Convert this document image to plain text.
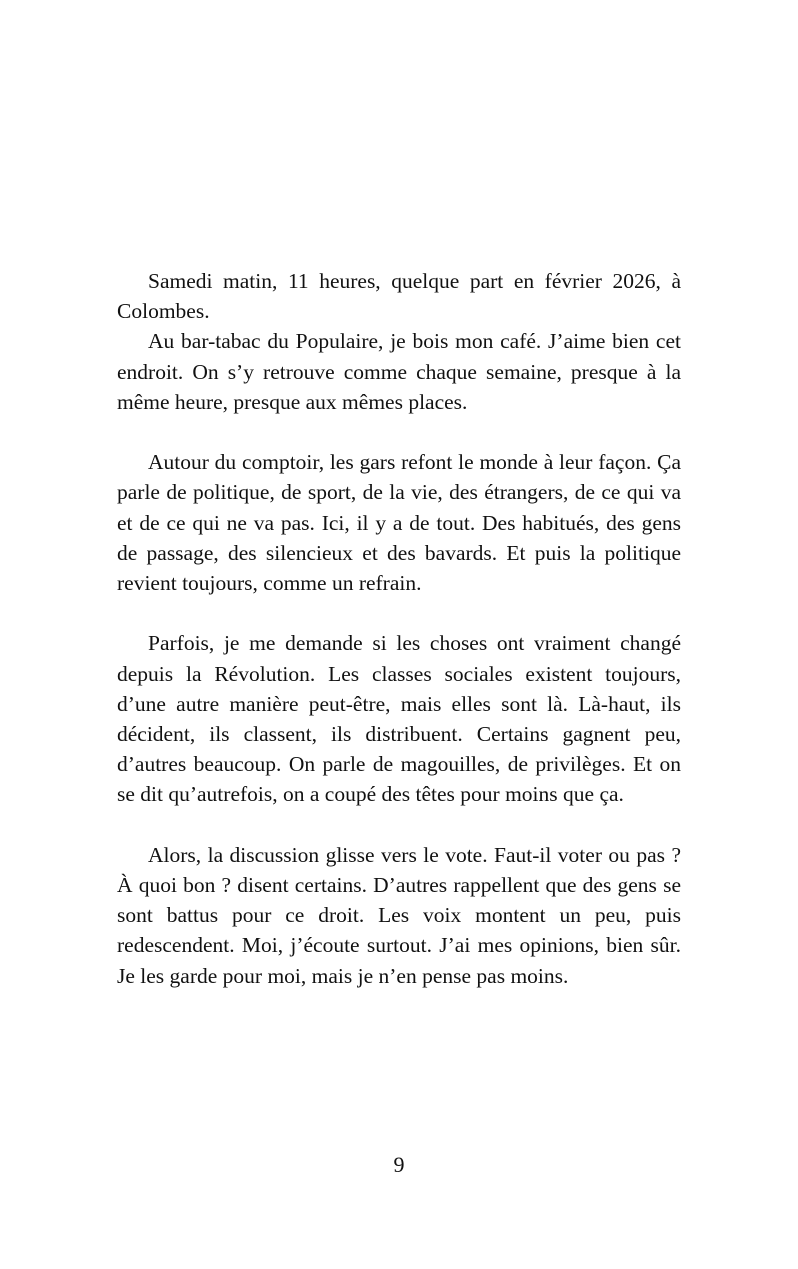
Samedi matin, 11 heures, quelque part en février 2026, à Colombes.

Au bar-tabac du Populaire, je bois mon café. J’aime bien cet endroit. On s’y retrouve comme chaque semaine, presque à la même heure, presque aux mêmes places.

Autour du comptoir, les gars refont le monde à leur façon. Ça parle de politique, de sport, de la vie, des étrangers, de ce qui va et de ce qui ne va pas. Ici, il y a de tout. Des habitués, des gens de passage, des silencieux et des bavards. Et puis la politique revient toujours, comme un refrain.

Parfois, je me demande si les choses ont vraiment changé depuis la Révolution. Les classes sociales existent toujours, d’une autre manière peut-être, mais elles sont là. Là-haut, ils décident, ils classent, ils distribuent. Certains gagnent peu, d’autres beaucoup. On parle de magouilles, de privilèges. Et on se dit qu’autrefois, on a coupé des têtes pour moins que ça.

Alors, la discussion glisse vers le vote. Faut-il voter ou pas ? À quoi bon ? disent certains. D’autres rappellent que des gens se sont battus pour ce droit. Les voix montent un peu, puis redescendent. Moi, j’écoute surtout. J’ai mes opinions, bien sûr. Je les garde pour moi, mais je n’en pense pas moins.

9
